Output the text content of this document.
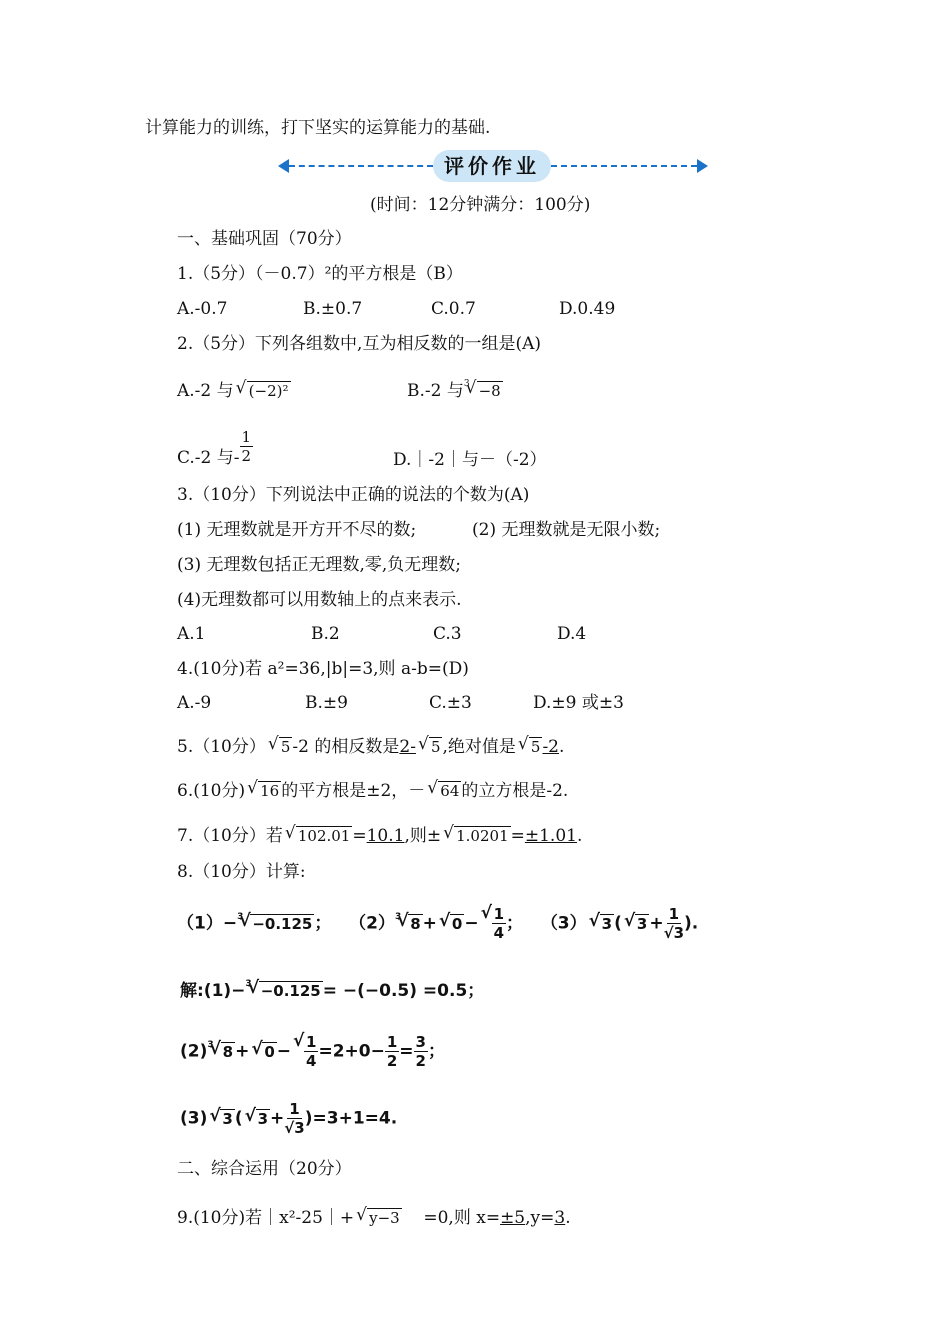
计算能力的训练，打下坚实的运算能力的基础.
评价作业
(时间：12分钟满分：100分)
一、基础巩固（70分）
1.（5分）（－0.7）²的平方根是（B）
A.-0.7	B.±0.7	C.0.7	D.0.49
2.（5分）下列各组数中,互为相反数的一组是(A)
A.-2 与√ (−2)²	B.-2 与$^3$√ −8
C.-2 与- $\frac{1}{2}$	D.｜-2｜与－（-2）
3.（10分）下列说法中正确的说法的个数为(A)
(1) 无理数就是开方开不尽的数;	(2) 无理数就是无限小数;
(3) 无理数包括正无理数,零,负无理数;
(4)无理数都可以用数轴上的点来表示.
A.1	B.2	C.3	D.4
4.(10分)若 a²=36,|b|=3,则 a-b=(D)
A.-9	B.±9	C.±3	D.±9 或±3
5.（10分）√ 5 -2 的相反数是2-√ 5 ,绝对值是√ 5 -2.
6.(10分)√ 16 的平方根是±2，－√ 64 的立方根是-2.
7.（10分）若√ 102.01 =10.1,则±√ 1.0201 =±1.01.
8.（10分）计算:
（1）−$^3$√ −0.125 ； $(2)^3√$ 8 +√ 0 −
√ $\frac{1}{4}$ ； （3）√ 3 (√ $3 + \frac{1}{√3}$ ).
解:(1)−$^3$√ −0.125 = −(−0.5) =0.5；
$(2)^3√$ 8 +√ 0 −
√ $\frac{1}{4} =2+0- \frac{1}{2} = \frac{3}{2}$ ；
(3)√ 3 (√ $3 + \frac{1}{√3} )=3+1=4$.
二、综合运用（20分）
9.(10分)若｜x²-25｜+√ y−3 =0,则 x=±5,y=3.
